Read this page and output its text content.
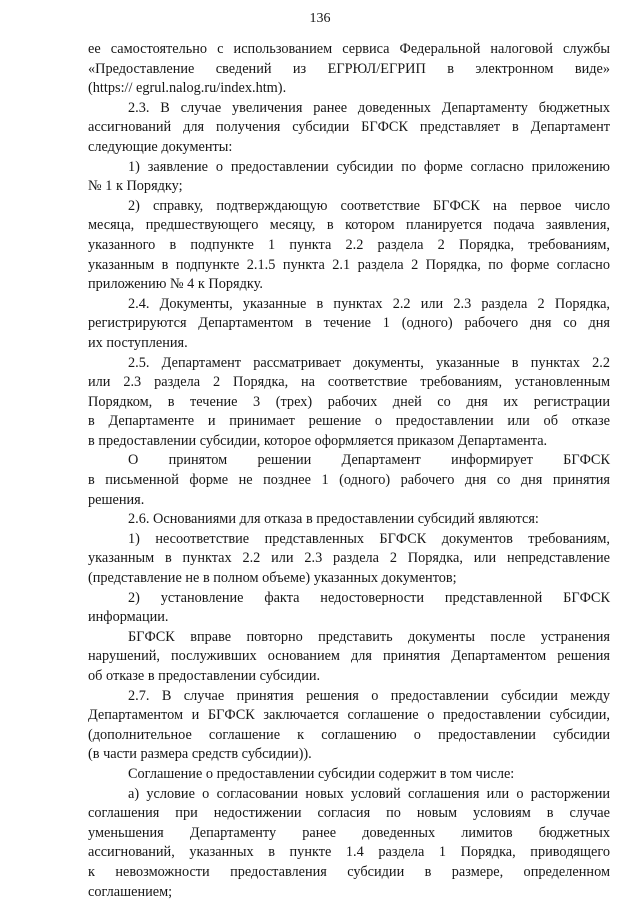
136
ее самостоятельно с использованием сервиса Федеральной налоговой службы
«Предоставление сведений из ЕГРЮЛ/ЕГРИП в электронном виде»
(https:// egrul.nalog.ru/index.htm).
2.3. В случае увеличения ранее доведенных Департаменту бюджетных
ассигнований для получения субсидии БГФСК представляет в Департамент
следующие документы:
1) заявление о предоставлении субсидии по форме согласно приложению
№ 1 к Порядку;
2) справку, подтверждающую соответствие БГФСК на первое число
месяца, предшествующего месяцу, в котором планируется подача заявления,
указанного в подпункте 1 пункта 2.2 раздела 2 Порядка, требованиям,
указанным в подпункте 2.1.5 пункта 2.1 раздела 2 Порядка, по форме согласно
приложению № 4 к Порядку.
2.4. Документы, указанные в пунктах 2.2 или 2.3 раздела 2 Порядка,
регистрируются Департаментом в течение 1 (одного) рабочего дня со дня
их поступления.
2.5. Департамент рассматривает документы, указанные в пунктах 2.2
или 2.3 раздела 2 Порядка, на соответствие требованиям, установленным
Порядком, в течение 3 (трех) рабочих дней со дня их регистрации
в Департаменте и принимает решение о предоставлении или об отказе
в предоставлении субсидии, которое оформляется приказом Департамента.
О принятом решении Департамент информирует БГФСК
в письменной форме не позднее 1 (одного) рабочего дня со дня принятия
решения.
2.6. Основаниями для отказа в предоставлении субсидий являются:
1) несоответствие представленных БГФСК документов требованиям,
указанным в пунктах 2.2 или 2.3 раздела 2 Порядка, или непредставление
(представление не в полном объеме) указанных документов;
2) установление факта недостоверности представленной БГФСК
информации.
БГФСК вправе повторно представить документы после устранения
нарушений, послуживших основанием для принятия Департаментом решения
об отказе в предоставлении субсидии.
2.7. В случае принятия решения о предоставлении субсидии между
Департаментом и БГФСК заключается соглашение о предоставлении субсидии,
(дополнительное соглашение к соглашению о предоставлении субсидии
(в части размера средств субсидии)).
Соглашение о предоставлении субсидии содержит в том числе:
а) условие о согласовании новых условий соглашения или о расторжении
соглашения при недостижении согласия по новым условиям в случае
уменьшения Департаменту ранее доведенных лимитов бюджетных
ассигнований, указанных в пункте 1.4 раздела 1 Порядка, приводящего
к невозможности предоставления субсидии в размере, определенном
соглашением;
